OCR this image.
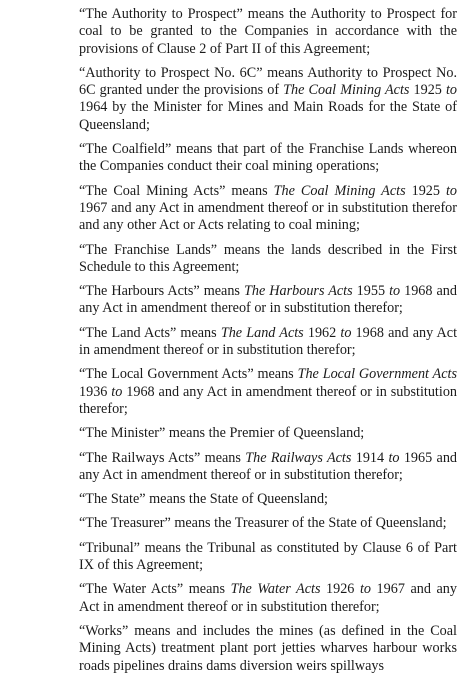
“The Authority to Prospect” means the Authority to Prospect for coal to be granted to the Companies in accordance with the provisions of Clause 2 of Part II of this Agreement;

“Authority to Prospect No. 6C” means Authority to Prospect No. 6C granted under the provisions of The Coal Mining Acts 1925 to 1964 by the Minister for Mines and Main Roads for the State of Queensland;

“The Coalfield” means that part of the Franchise Lands whereon the Companies conduct their coal mining operations;

“The Coal Mining Acts” means The Coal Mining Acts 1925 to 1967 and any Act in amendment thereof or in substitution therefor and any other Act or Acts relating to coal mining;

“The Franchise Lands” means the lands described in the First Schedule to this Agreement;

“The Harbours Acts” means The Harbours Acts 1955 to 1968 and any Act in amendment thereof or in substitution therefor;

“The Land Acts” means The Land Acts 1962 to 1968 and any Act in amendment thereof or in substitution therefor;

“The Local Government Acts” means The Local Government Acts 1936 to 1968 and any Act in amendment thereof or in substitution therefor;

“The Minister” means the Premier of Queensland;

“The Railways Acts” means The Railways Acts 1914 to 1965 and any Act in amendment thereof or in substitution therefor;

“The State” means the State of Queensland;

“The Treasurer” means the Treasurer of the State of Queensland;

“Tribunal” means the Tribunal as constituted by Clause 6 of Part IX of this Agreement;

“The Water Acts” means The Water Acts 1926 to 1967 and any Act in amendment thereof or in substitution therefor;

“Works” means and includes the mines (as defined in the Coal Mining Acts) treatment plant port jetties wharves harbour works roads pipelines drains dams diversion weirs spillways
